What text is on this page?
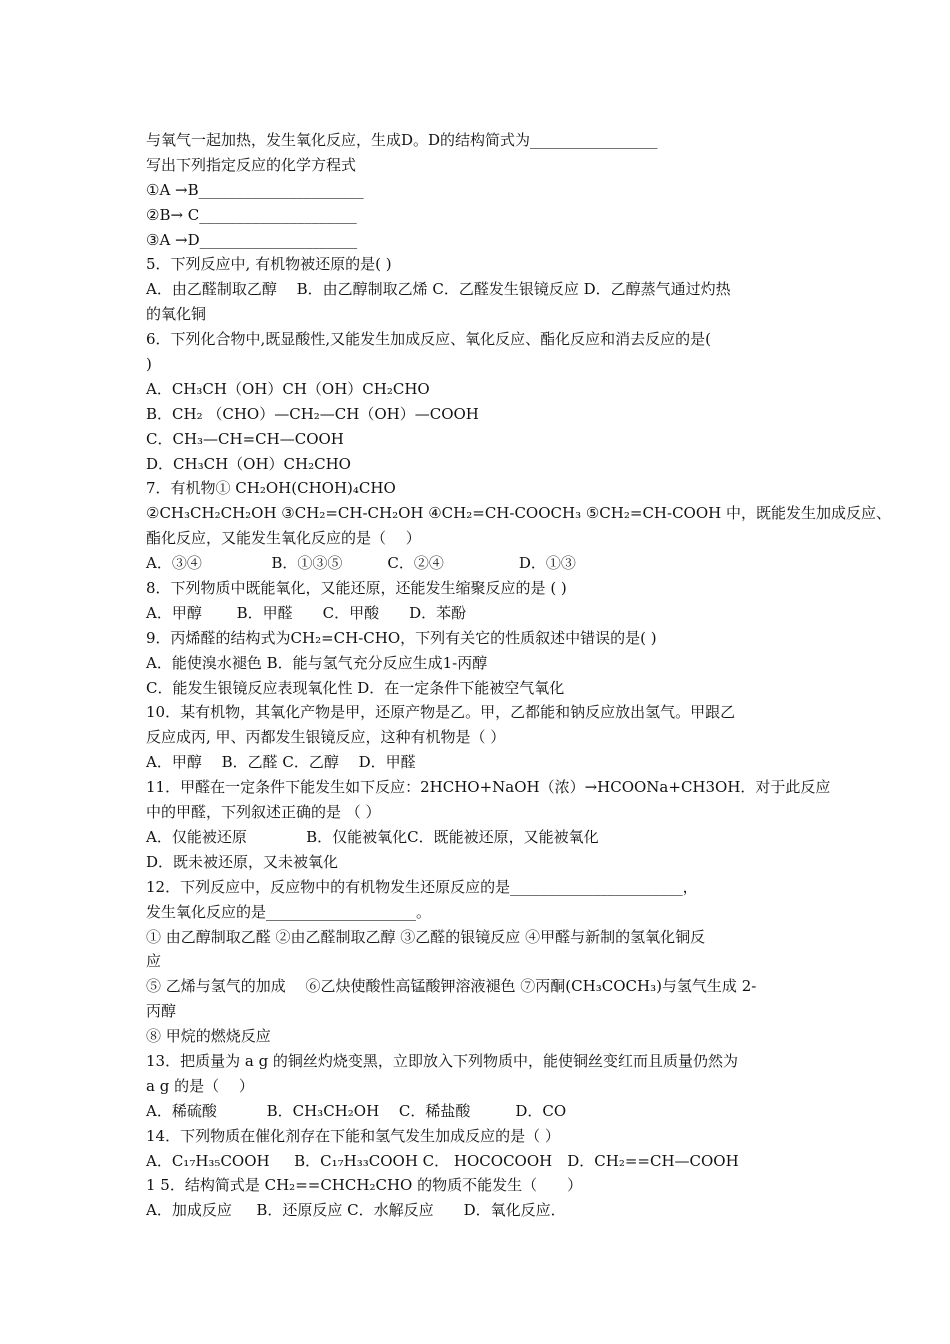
与氧气一起加热，发生氧化反应，生成D。D的结构简式为_________________
写出下列指定反应的化学方程式
①A →B______________________
②B→ C_____________________
③A →D_____________________
5．下列反应中, 有机物被还原的是( )
A．由乙醛制取乙醇　 B．由乙醇制取乙烯 C．乙醛发生银镜反应 D．乙醇蒸气通过灼热
的氧化铜
6．下列化合物中,既显酸性,又能发生加成反应、氧化反应、酯化反应和消去反应的是(
)
A．CH₃CH（OH）CH（OH）CH₂CHO
B．CH₂ （CHO）—CH₂—CH（OH）—COOH
C．CH₃—CH=CH—COOH
D．CH₃CH（OH）CH₂CHO
7．有机物① CH₂OH(CHOH)₄CHO
②CH₃CH₂CH₂OH ③CH₂=CH-CH₂OH ④CH₂=CH-COOCH₃ ⑤CH₂=CH-COOH 中，既能发生加成反应、
酯化反应，又能发生氧化反应的是（　 ）
A．③④ 　　　　 B．①③⑤　　　C．②④　　　　　D．①③
8．下列物质中既能氧化，又能还原，还能发生缩聚反应的是 ( )
A．甲醇　 　B．甲醛　　C．甲酸　　D．苯酚
9．丙烯醛的结构式为CH₂=CH-CHO，下列有关它的性质叙述中错误的是( )
A．能使溴水褪色 B．能与氢气充分反应生成1-丙醇
C．能发生银镜反应表现氧化性 D．在一定条件下能被空气氧化
10．某有机物，其氧化产物是甲，还原产物是乙。甲，乙都能和钠反应放出氢气。甲跟乙
反应成丙, 甲、丙都发生银镜反应，这种有机物是（ ）
A．甲醇　 B．乙醛 C．乙醇　 D．甲醛
11．甲醛在一定条件下能发生如下反应：2HCHO+NaOH（浓）→HCOONa+CH3OH．对于此反应
中的甲醛，下列叙述正确的是 （ ）
A．仅能被还原　 　 　 B．仅能被氧化C．既能被还原，又能被氧化
D．既未被还原，又未被氧化
12．下列反应中，反应物中的有机物发生还原反应的是_______________________，
发生氧化反应的是____________________。
① 由乙醇制取乙醛 ②由乙醛制取乙醇 ③乙醛的银镜反应 ④甲醛与新制的氢氧化铜反
应
⑤ 乙烯与氢气的加成　 ⑥乙炔使酸性高锰酸钾溶液褪色 ⑦丙酮(CH₃COCH₃)与氢气生成 2-
丙醇
⑧ 甲烷的燃烧反应
13．把质量为 a g 的铜丝灼烧变黑，立即放入下列物质中，能使铜丝变红而且质量仍然为
a g 的是（　 ）
A．稀硫酸　　　 B．CH₃CH₂OH　 C．稀盐酸　　　D．CO
14．下列物质在催化剂存在下能和氢气发生加成反应的是（ ）
A．C₁₇H₃₅COOH 　 B．C₁₇H₃₃COOH C． HOCOCOOH　D．CH₂==CH—COOH
1 5．结构简式是 CH₂==CHCH₂CHO 的物质不能发生（　　）
A．加成反应 　 B．还原反应 C．水解反应　　D．氧化反应．
